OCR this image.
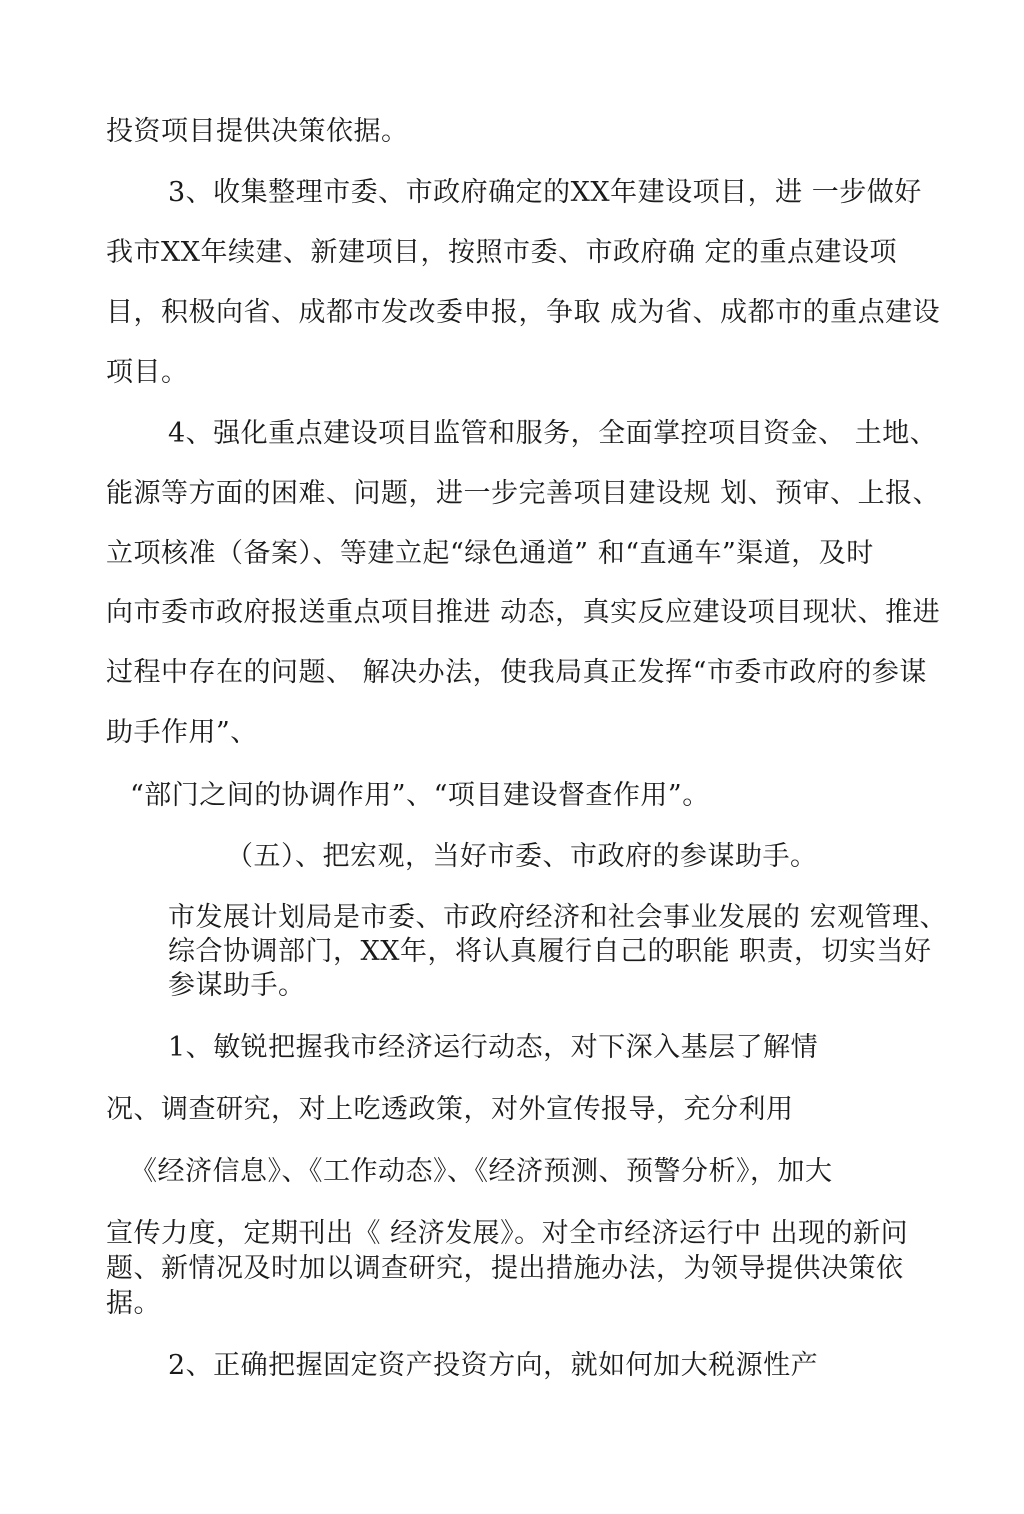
投资项目提供决策依据。
3、收集整理市委、市政府确定的XX年建设项目，进 一步做好
我市XX年续建、新建项目，按照市委、市政府确 定的重点建设项
目，积极向省、成都市发改委申报，争取 成为省、成都市的重点建设
项目。
4、强化重点建设项目监管和服务，全面掌控项目资金、 土地、
能源等方面的困难、问题，进一步完善项目建设规 划、预审、上报、
立项核准（备案）、等建立起“绿色通道” 和“直通车”渠道，及时
向市委市政府报送重点项目推进 动态，真实反应建设项目现状、推进
过程中存在的问题、 解决办法，使我局真正发挥“市委市政府的参谋
助手作用”、
“部门之间的协调作用”、“项目建设督查作用”。
（五）、把宏观，当好市委、市政府的参谋助手。
市发展计划局是市委、市政府经济和社会事业发展的 宏观管理、
综合协调部门，XX年，将认真履行自己的职能 职责，切实当好
参谋助手。
1、敏锐把握我市经济运行动态，对下深入基层了解情
况、调查研究，对上吃透政策，对外宣传报导，充分利用
《经济信息》、《工作动态》、《经济预测、预警分析》，加大
宣传力度，定期刊出《 经济发展》。对全市经济运行中 出现的新问
题、新情况及时加以调查研究，提出措施办法，为领导提供决策依
据。
2、正确把握固定资产投资方向，就如何加大税源性产
